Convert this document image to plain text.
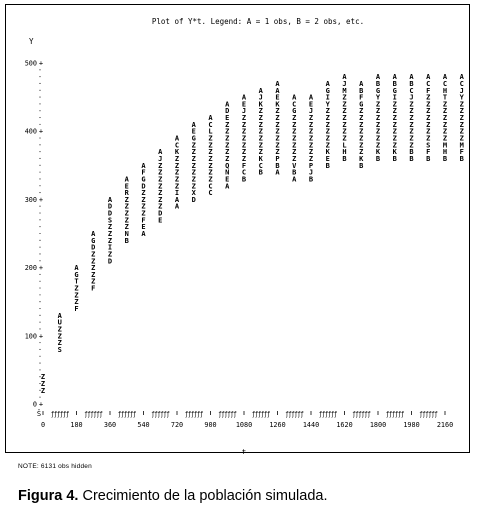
Plot of Y*t. Legend: A = 1 obs, B = 2 obs, etc.
Y
+
+
+
+
+
+
0
100
200
300
400
500
Š ƒƒƒƒƒƒ	ƒƒƒƒƒƒ	ƒƒƒƒƒƒ	ƒƒƒƒƒƒ	ƒƒƒƒƒƒ	ƒƒƒƒƒƒ	ƒƒƒƒƒƒ	ƒƒƒƒƒƒ	ƒƒƒƒƒƒ	ƒƒƒƒƒƒ	ƒƒƒƒƒƒ	ƒƒƒƒƒƒ
0	180	360	540	720	900	1080	1260	1440	1620	1800	1980	2160
Z
Z
Z
A
U
Z
Z
Z
S
A
G
T
Z
Z
Z
F
A
G
D
Z
Z
Z
Z
Z
F
A
D
D
S
Z
Z
Z
I
Z
D
A
E
R
Z
Z
Z
Z
Z
N
B
A
F
G
D
Z
Z
Z
Z
F
E
A
A
J
Z
Z
Z
Z
Z
Z
Z
D
E
A
C
K
Z
Z
Z
Z
Z
I
A
A
A
E
G
Z
Z
Z
Z
Z
Z
Z
X
D
A
C
L
Z
Z
Z
Z
Z
Z
Z
C
C
A
D
E
Z
Z
Z
Z
Z
Z
Q
N
E
A
A
E
J
Z
Z
Z
Z
Z
Z
Z
F
C
B
A
J
K
Z
Z
Z
Z
Z
Z
Z
K
C
B
A
A
E
K
Z
Z
Z
Z
Z
Z
Z
P
B
A
A
C
G
Z
Z
Z
Z
Z
Z
Z
V
B
A
A
E
J
Z
Z
Z
Z
Z
Z
Z
P
J
B
A
G
I
Y
Z
Z
Z
Z
Z
Z
K
E
B
A
J
M
Z
Z
Z
Z
Z
Z
Z
L
H
B
A
B
F
G
Z
Z
Z
Z
Z
Z
Z
K
B
A
B
G
Y
Z
Z
Z
Z
Z
Z
Z
K
B
A
B
G
I
Z
Z
Z
Z
Z
Z
Z
K
B
A
B
C
J
Z
Z
Z
Z
Z
Z
Z
B
B
A
C
F
Z
Z
Z
Z
Z
Z
Z
S
F
B
A
C
H
T
Z
Z
Z
Z
Z
Z
M
H
B
A
C
J
Y
Z
Z
Z
Z
Z
Z
M
F
B
t
NOTE: 6131 obs hidden
Figura 4. Crecimiento de la población simulada.
